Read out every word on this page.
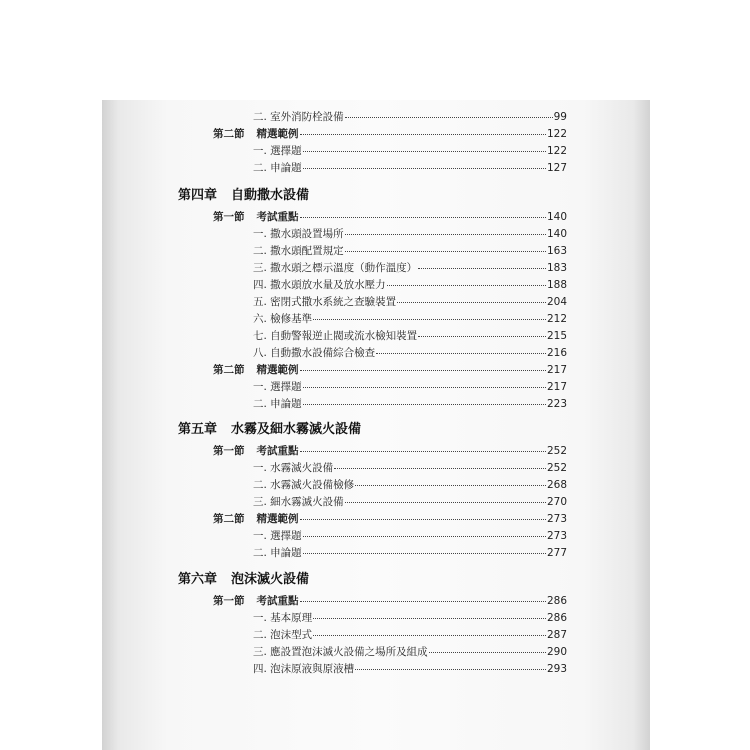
二. 室外消防栓設備	99
第二節 精選範例	122
一. 選擇題	122
二. 申論題	127
第四章 自動撒水設備
第一節 考試重點	140
一. 撒水頭設置場所	140
二. 撒水頭配置規定	163
三. 撒水頭之標示溫度（動作溫度）	183
四. 撒水頭放水量及放水壓力	188
五. 密閉式撒水系統之查驗裝置	204
六. 檢修基準	212
七. 自動警報逆止閥或流水檢知裝置	215
八. 自動撒水設備綜合檢查	216
第二節 精選範例	217
一. 選擇題	217
二. 申論題	223
第五章 水霧及細水霧滅火設備
第一節 考試重點	252
一. 水霧滅火設備	252
二. 水霧滅火設備檢修	268
三. 細水霧滅火設備	270
第二節 精選範例	273
一. 選擇題	273
二. 申論題	277
第六章 泡沫滅火設備
第一節 考試重點	286
一. 基本原理	286
二. 泡沫型式	287
三. 應設置泡沫滅火設備之場所及組成	290
四. 泡沫原液與原液槽	293
